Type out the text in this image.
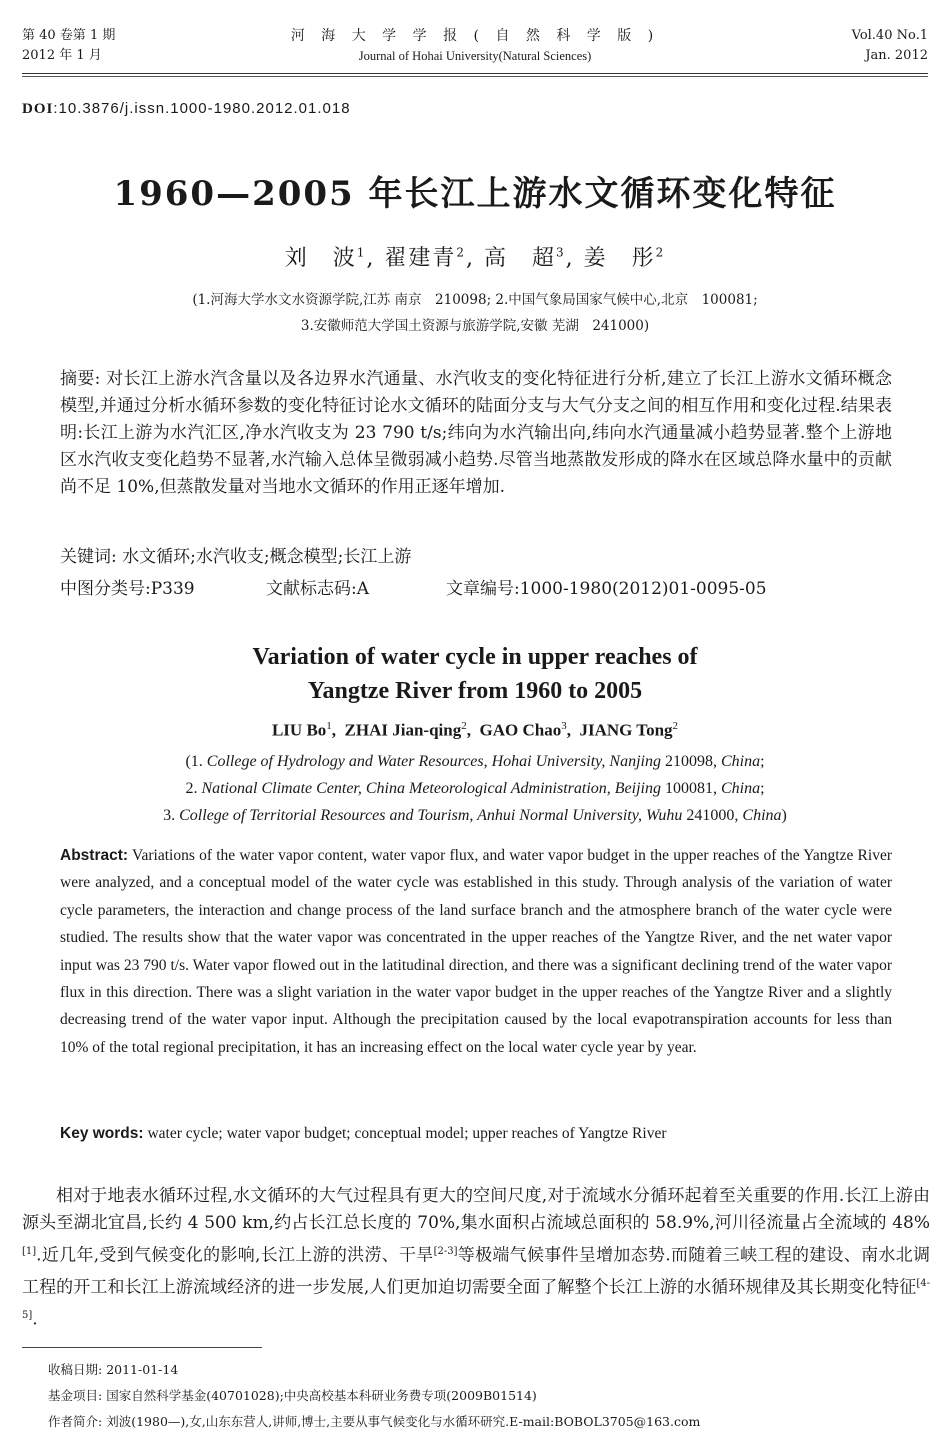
第 40 卷第 1 期
2012 年 1 月
河 海 大 学 学 报 ( 自 然 科 学 版 )
Journal of Hohai University(Natural Sciences)
Vol.40 No.1
Jan. 2012
DOI:10.3876/j.issn.1000-1980.2012.01.018
1960—2005 年长江上游水文循环变化特征
刘　波$^1$, 翟建青$^2$, 高　超$^3$, 姜　彤$^2$
(1.河海大学水文水资源学院,江苏 南京　210098; 2.中国气象局国家气候中心,北京　100081;
3.安徽师范大学国土资源与旅游学院,安徽 芜湖　241000)
摘要: 对长江上游水汽含量以及各边界水汽通量、水汽收支的变化特征进行分析,建立了长江上游水文循环概念模型,并通过分析水循环参数的变化特征讨论水文循环的陆面分支与大气分支之间的相互作用和变化过程.结果表明:长江上游为水汽汇区,净水汽收支为 23 790 t/s;纬向为水汽输出向,纬向水汽通量减小趋势显著.整个上游地区水汽收支变化趋势不显著,水汽输入总体呈微弱减小趋势.尽管当地蒸散发形成的降水在区域总降水量中的贡献尚不足 10%,但蒸散发量对当地水文循环的作用正逐年增加.
关键词: 水文循环;水汽收支;概念模型;长江上游
中图分类号:P339	文献标志码:A	文章编号:1000-1980(2012)01-0095-05
Variation of water cycle in upper reaches of
Yangtze River from 1960 to 2005
LIU Bo$^1$,  ZHAI Jian-qing$^2$,  GAO Chao$^3$,  JIANG Tong$^2$
(1. College of Hydrology and Water Resources, Hohai University, Nanjing 210098, China;
2. National Climate Center, China Meteorological Administration, Beijing 100081, China;
3. College of Territorial Resources and Tourism, Anhui Normal University, Wuhu 241000, China)
Abstract: Variations of the water vapor content, water vapor flux, and water vapor budget in the upper reaches of the Yangtze River were analyzed, and a conceptual model of the water cycle was established in this study. Through analysis of the variation of water cycle parameters, the interaction and change process of the land surface branch and the atmosphere branch of the water cycle were studied. The results show that the water vapor was concentrated in the upper reaches of the Yangtze River, and the net water vapor input was 23 790 t/s. Water vapor flowed out in the latitudinal direction, and there was a significant declining trend of the water vapor flux in this direction. There was a slight variation in the water vapor budget in the upper reaches of the Yangtze River and a slightly decreasing trend of the water vapor input. Although the precipitation caused by the local evapotranspiration accounts for less than 10% of the total regional precipitation, it has an increasing effect on the local water cycle year by year.
Key words: water cycle; water vapor budget; conceptual model; upper reaches of Yangtze River
相对于地表水循环过程,水文循环的大气过程具有更大的空间尺度,对于流域水分循环起着至关重要的作用.长江上游由源头至湖北宜昌,长约 4 500 km,约占长江总长度的 70%,集水面积占流域总面积的 58.9%,河川径流量占全流域的 48%[1].近几年,受到气候变化的影响,长江上游的洪涝、干旱[2-3]等极端气候事件呈增加态势.而随着三峡工程的建设、南水北调工程的开工和长江上游流域经济的进一步发展,人们更加迫切需要全面了解整个长江上游的水循环规律及其长期变化特征[4-5].
收稿日期: 2011-01-14
基金项目: 国家自然科学基金(40701028);中央高校基本科研业务费专项(2009B01514)
作者简介: 刘波(1980—),女,山东东营人,讲师,博士,主要从事气候变化与水循环研究.E-mail:BOBOL3705@163.com
